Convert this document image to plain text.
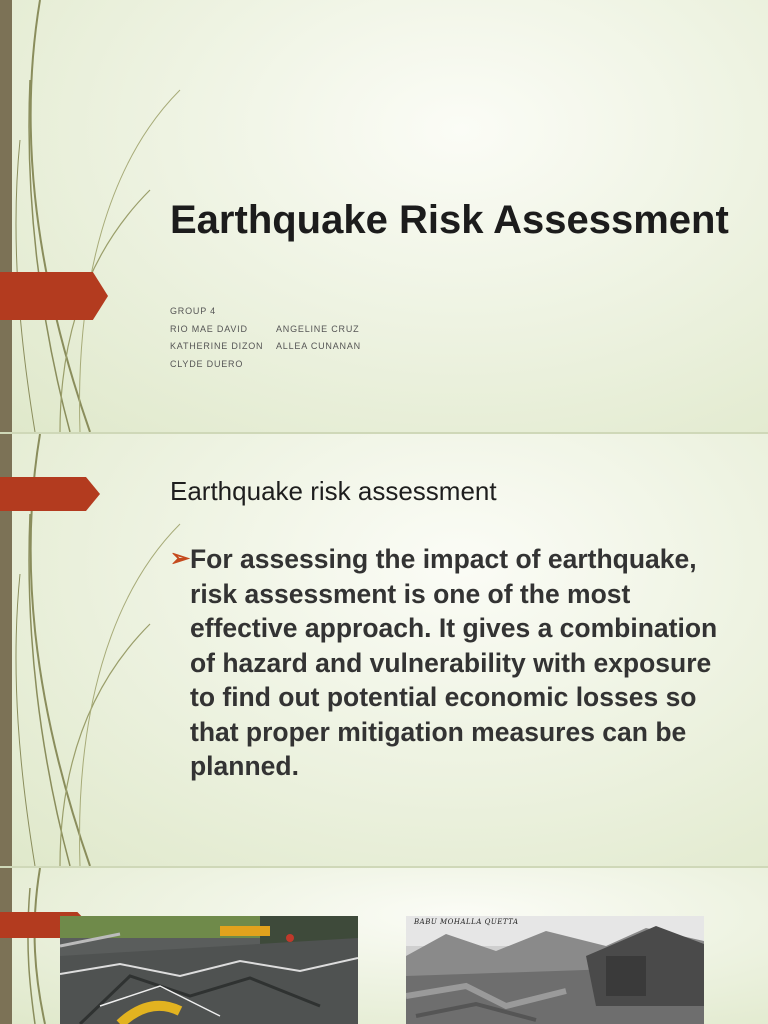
Earthquake Risk Assessment
GROUP 4
RIO MAE DAVID	ANGELINE CRUZ
KATHERINE DIZON	ALLEA CUNANAN
CLYDE DUERO
Earthquake risk assessment
➢ For assessing the impact of earthquake, risk assessment is one of the most effective approach. It gives a combination of hazard and vulnerability with exposure to find out potential economic losses so that proper mitigation measures can be planned.
BABU MOHALLA QUETTA
